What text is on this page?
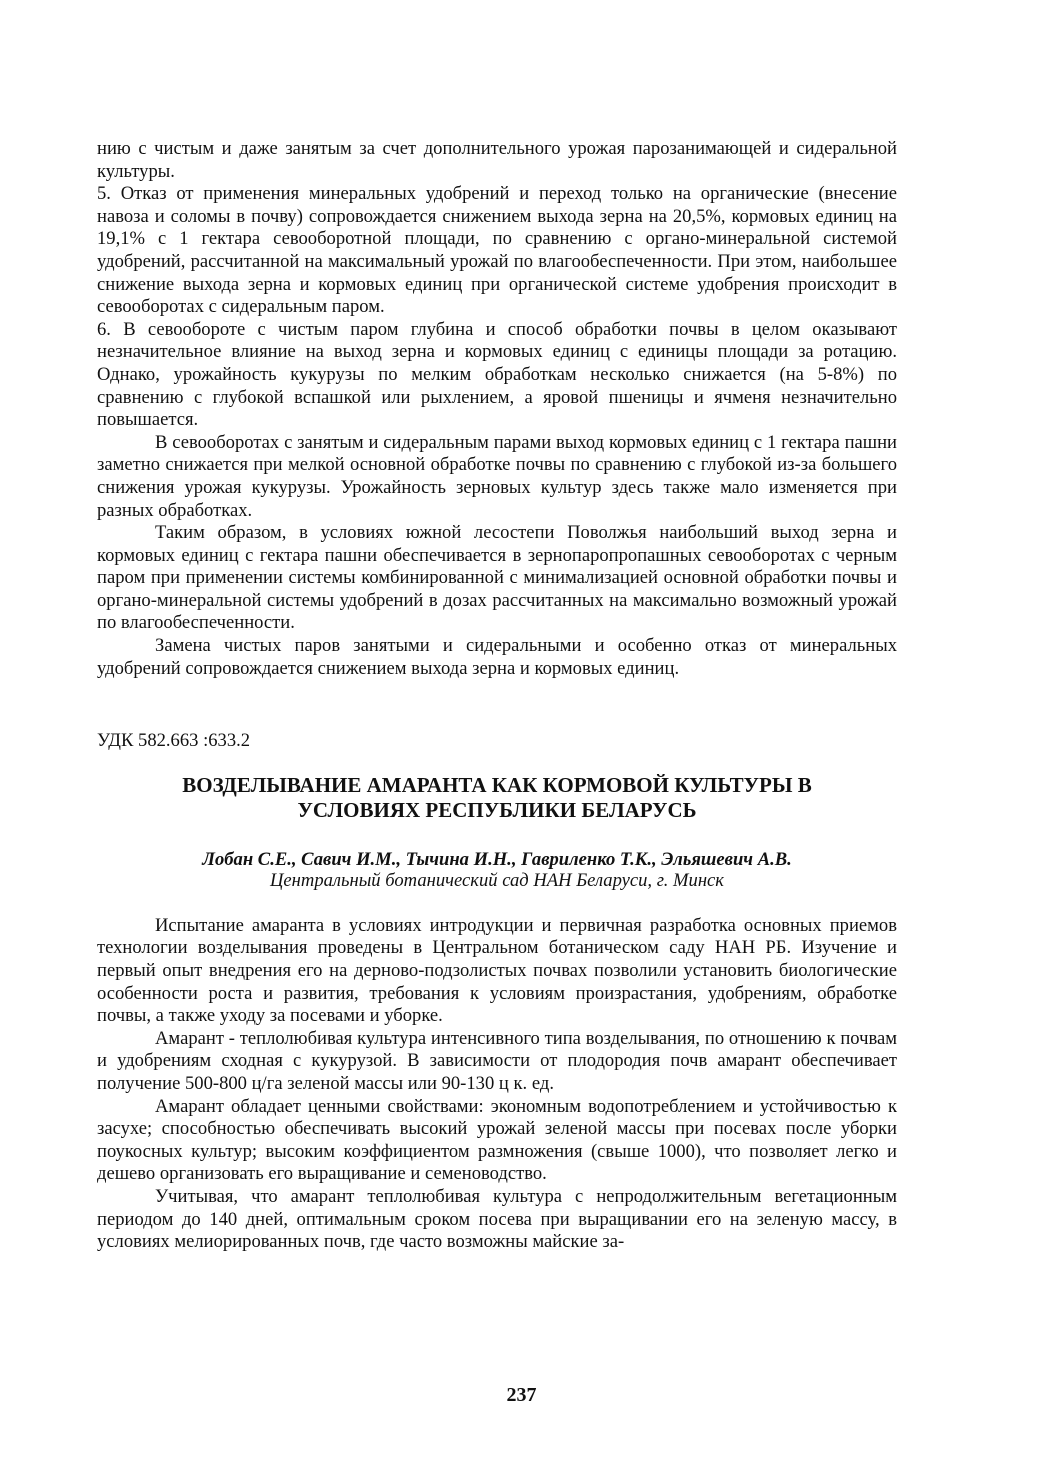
нию с чистым и даже занятым за счет дополнительного урожая парозанимающей и сидеральной культуры.

5. Отказ от применения минеральных удобрений и переход только на органические (внесение навоза и соломы в почву) сопровождается снижением выхода зерна на 20,5%, кормовых единиц на 19,1% с 1 гектара севооборотной площади, по сравнению с органо-минеральной системой удобрений, рассчитанной на максимальный урожай по влагообеспеченности. При этом, наибольшее снижение выхода зерна и кормовых единиц при органической системе удобрения происходит в севооборотах с сидеральным паром.

6. В севообороте с чистым паром глубина и способ обработки почвы в целом оказывают незначительное влияние на выход зерна и кормовых единиц с единицы площади за ротацию. Однако, урожайность кукурузы по мелким обработкам несколько снижается (на 5-8%) по сравнению с глубокой вспашкой или рыхлением, а яровой пшеницы и ячменя незначительно повышается.

В севооборотах с занятым и сидеральным парами выход кормовых единиц с 1 гектара пашни заметно снижается при мелкой основной обработке почвы по сравнению с глубокой из-за большего снижения урожая кукурузы. Урожайность зерновых культур здесь также мало изменяется при разных обработках.

Таким образом, в условиях южной лесостепи Поволжья наибольший выход зерна и кормовых единиц с гектара пашни обеспечивается в зернопаропропашных севооборотах с черным паром при применении системы комбинированной с минимализацией основной обработки почвы и органо-минеральной системы удобрений в дозах рассчитанных на максимально возможный урожай по влагообеспеченности.

Замена чистых паров занятыми и сидеральными и особенно отказ от минеральных удобрений сопровождается снижением выхода зерна и кормовых единиц.

УДК 582.663 :633.2
ВОЗДЕЛЫВАНИЕ АМАРАНТА КАК КОРМОВОЙ КУЛЬТУРЫ В
УСЛОВИЯХ РЕСПУБЛИКИ БЕЛАРУСЬ
Лобан С.Е., Савич И.М., Тычина И.Н., Гавриленко Т.К., Эльяшевич А.В.
Центральный ботанический сад НАН Беларуси, г. Минск

Испытание амаранта в условиях интродукции и первичная разработка основных приемов технологии возделывания проведены в Центральном ботаническом саду НАН РБ. Изучение и первый опыт внедрения его на дерново-подзолистых почвах позволили установить биологические особенности роста и развития, требования к условиям произрастания, удобрениям, обработке почвы, а также уходу за посевами и уборке.

Амарант - теплолюбивая культура интенсивного типа возделывания, по отношению к почвам и удобрениям сходная с кукурузой. В зависимости от плодородия почв амарант обеспечивает получение 500-800 ц/га зеленой массы или 90-130 ц к. ед.

Амарант обладает ценными свойствами: экономным водопотреблением и устойчивостью к засухе; способностью обеспечивать высокий урожай зеленой массы при посевах после уборки поукосных культур; высоким коэффициентом размножения (свыше 1000), что позволяет легко и дешево организовать его выращивание и семеноводство.

Учитывая, что амарант теплолюбивая культура с непродолжительным вегетационным периодом до 140 дней, оптимальным сроком посева при выращивании его на зеленую массу, в условиях мелиорированных почв, где часто возможны майские за-

237
